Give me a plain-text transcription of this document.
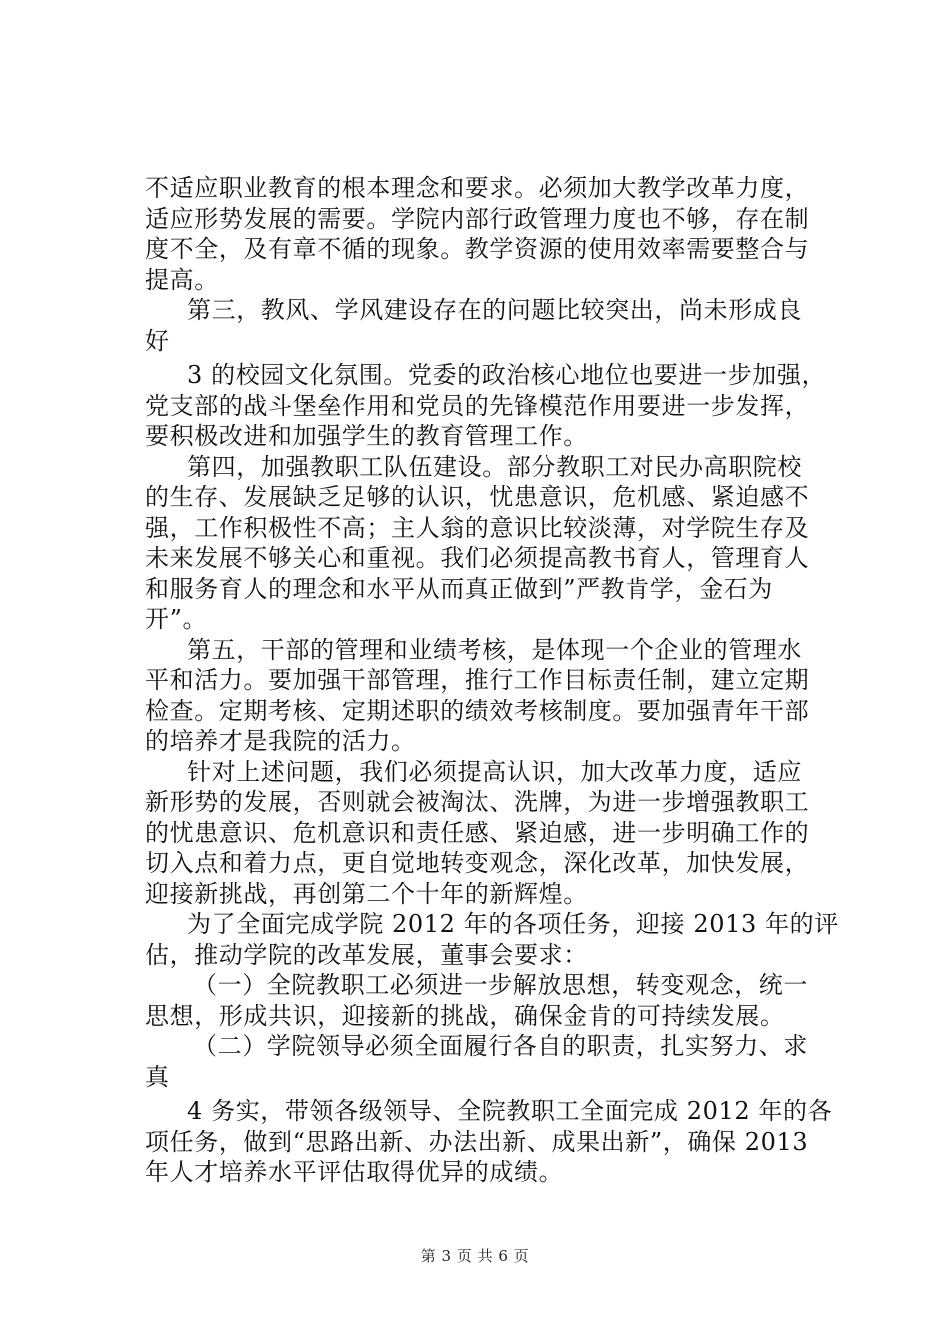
不适应职业教育的根本理念和要求。必须加大教学改革力度，
适应形势发展的需要。学院内部行政管理力度也不够，存在制
度不全，及有章不循的现象。教学资源的使用效率需要整合与
提高。
第三，教风、学风建设存在的问题比较突出，尚未形成良
好
3 的校园文化氛围。党委的政治核心地位也要进一步加强，
党支部的战斗堡垒作用和党员的先锋模范作用要进一步发挥，
要积极改进和加强学生的教育管理工作。
第四，加强教职工队伍建设。部分教职工对民办高职院校
的生存、发展缺乏足够的认识，忧患意识，危机感、紧迫感不
强，工作积极性不高；主人翁的意识比较淡薄，对学院生存及
未来发展不够关心和重视。我们必须提高教书育人，管理育人
和服务育人的理念和水平从而真正做到”严教肯学，金石为
开”。
第五，干部的管理和业绩考核，是体现一个企业的管理水
平和活力。要加强干部管理，推行工作目标责任制，建立定期
检查。定期考核、定期述职的绩效考核制度。要加强青年干部
的培养才是我院的活力。
针对上述问题，我们必须提高认识，加大改革力度，适应
新形势的发展，否则就会被淘汰、洗牌，为进一步增强教职工
的忧患意识、危机意识和责任感、紧迫感，进一步明确工作的
切入点和着力点，更自觉地转变观念，深化改革，加快发展，
迎接新挑战，再创第二个十年的新辉煌。
为了全面完成学院 2012 年的各项任务，迎接 2013 年的评
估，推动学院的改革发展，董事会要求：
（一）全院教职工必须进一步解放思想，转变观念，统一
思想，形成共识，迎接新的挑战，确保金肯的可持续发展。
（二）学院领导必须全面履行各自的职责，扎实努力、求
真
4 务实，带领各级领导、全院教职工全面完成 2012 年的各
项任务，做到“思路出新、办法出新、成果出新”，确保 2013
年人才培养水平评估取得优异的成绩。
第 3 页 共 6 页
